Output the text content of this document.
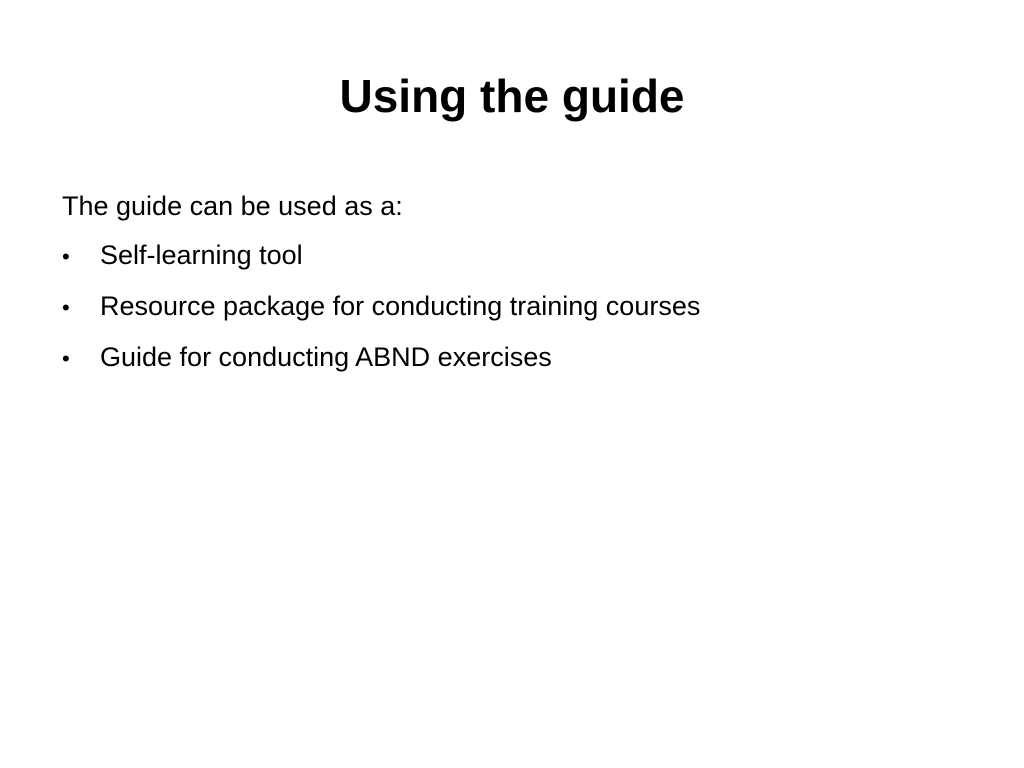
Using the guide

The guide can be used as a:

•	Self-learning tool
•	Resource package for conducting training courses
•	Guide for conducting ABND exercises
